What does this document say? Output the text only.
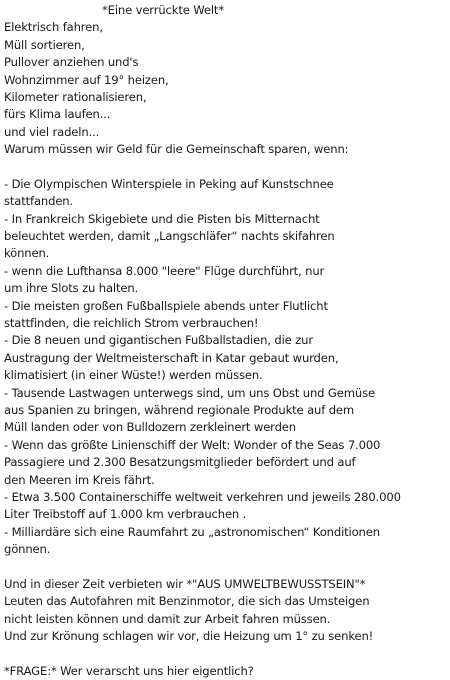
*Eine verrückte Welt*
Elektrisch fahren,
Müll sortieren,
Pullover anziehen und's
Wohnzimmer auf 19° heizen,
Kilometer rationalisieren,
fürs Klima laufen...
und viel radeln...
Warum müssen wir Geld für die Gemeinschaft sparen, wenn:
- Die Olympischen Winterspiele in Peking auf Kunstschnee
stattfanden.
- In Frankreich Skigebiete und die Pisten bis Mitternacht
beleuchtet werden, damit „Langschläfer“ nachts skifahren
können.
- wenn die Lufthansa 8.000 "leere" Flüge durchführt, nur
um ihre Slots zu halten.
- Die meisten großen Fußballspiele abends unter Flutlicht
stattfinden, die reichlich Strom verbrauchen!
- Die 8 neuen und gigantischen Fußballstadien, die zur
Austragung der Weltmeisterschaft in Katar gebaut wurden,
klimatisiert (in einer Wüste!) werden müssen.
- Tausende Lastwagen unterwegs sind, um uns Obst und Gemüse
aus Spanien zu bringen, während regionale Produkte auf dem
Müll landen oder von Bulldozern zerkleinert werden
- Wenn das größte Linienschiff der Welt: Wonder of the Seas 7.000
Passagiere und 2.300 Besatzungsmitglieder befördert und auf
den Meeren im Kreis fährt.
- Etwa 3.500 Containerschiffe weltweit verkehren und jeweils 280.000
Liter Treibstoff auf 1.000 km verbrauchen .
- Milliardäre sich eine Raumfahrt zu „astronomischen“ Konditionen
gönnen.
Und in dieser Zeit verbieten wir *"AUS UMWELTBEWUSSTSEIN"*
Leuten das Autofahren mit Benzinmotor, die sich das Umsteigen
nicht leisten können und damit zur Arbeit fahren müssen.
Und zur Krönung schlagen wir vor, die Heizung um 1° zu senken!
*FRAGE:* Wer verarscht uns hier eigentlich?
